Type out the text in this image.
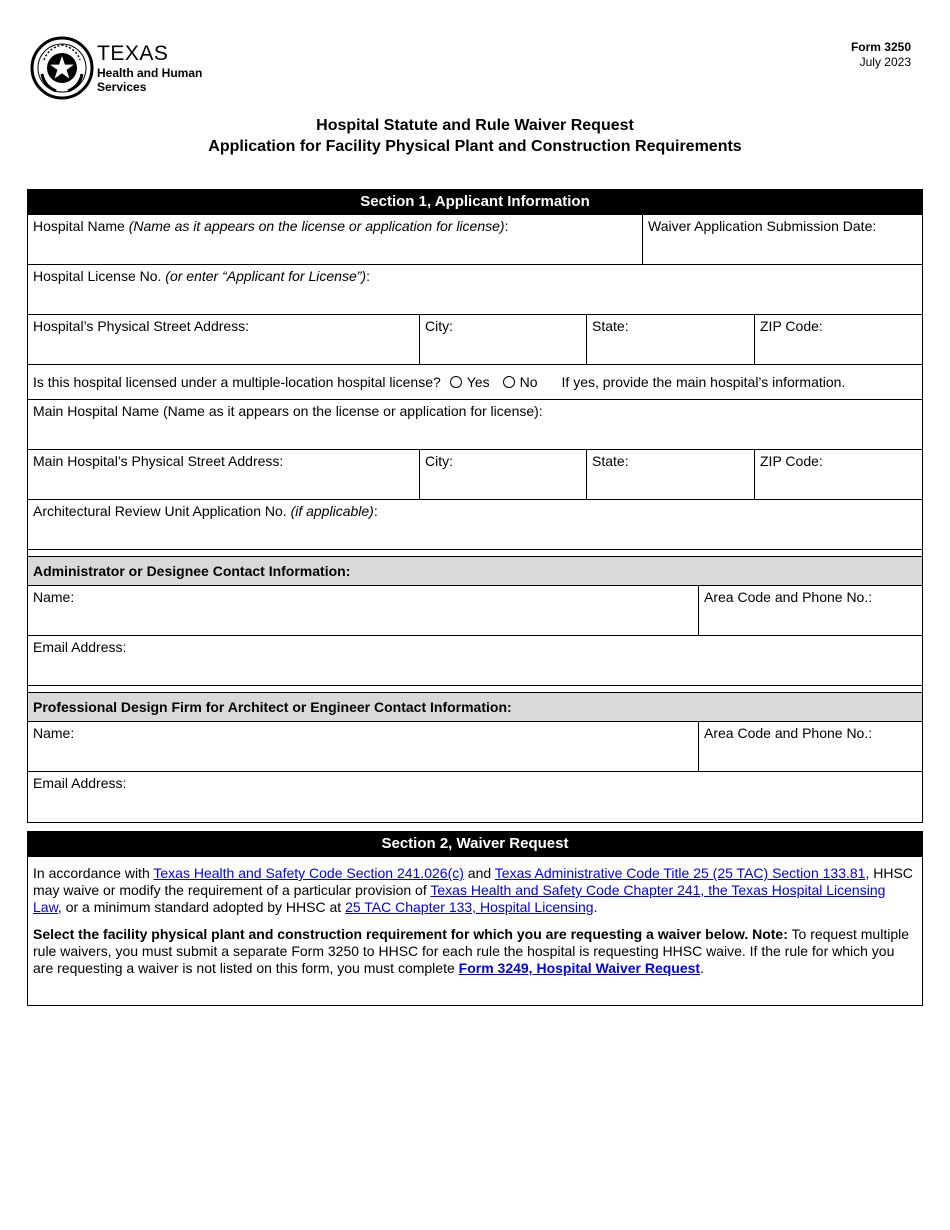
TEXAS
Health and Human
Services
Form 3250
July 2023
Hospital Statute and Rule Waiver Request
Application for Facility Physical Plant and Construction Requirements
Section 1, Applicant Information
Hospital Name (Name as it appears on the license or application for license):	Waiver Application Submission Date:
Hospital License No. (or enter “Applicant for License”):
Hospital’s Physical Street Address:	City:	State:	ZIP Code:
Is this hospital licensed under a multiple-location hospital license? Yes No If yes, provide the main hospital’s information.
Main Hospital Name (Name as it appears on the license or application for license):
Main Hospital’s Physical Street Address:	City:	State:	ZIP Code:
Architectural Review Unit Application No. (if applicable):
Administrator or Designee Contact Information:
Name:	Area Code and Phone No.:
Email Address:
Professional Design Firm for Architect or Engineer Contact Information:
Name:	Area Code and Phone No.:
Email Address:
Section 2, Waiver Request

In accordance with Texas Health and Safety Code Section 241.026(c) and Texas Administrative Code Title 25 (25 TAC) Section 133.81, HHSC may waive or modify the requirement of a particular provision of Texas Health and Safety Code Chapter 241, the Texas Hospital Licensing Law, or a minimum standard adopted by HHSC at 25 TAC Chapter 133, Hospital Licensing.

Select the facility physical plant and construction requirement for which you are requesting a waiver below. Note: To request multiple rule waivers, you must submit a separate Form 3250 to HHSC for each rule the hospital is requesting HHSC waive. If the rule for which you are requesting a waiver is not listed on this form, you must complete Form 3249, Hospital Waiver Request.
